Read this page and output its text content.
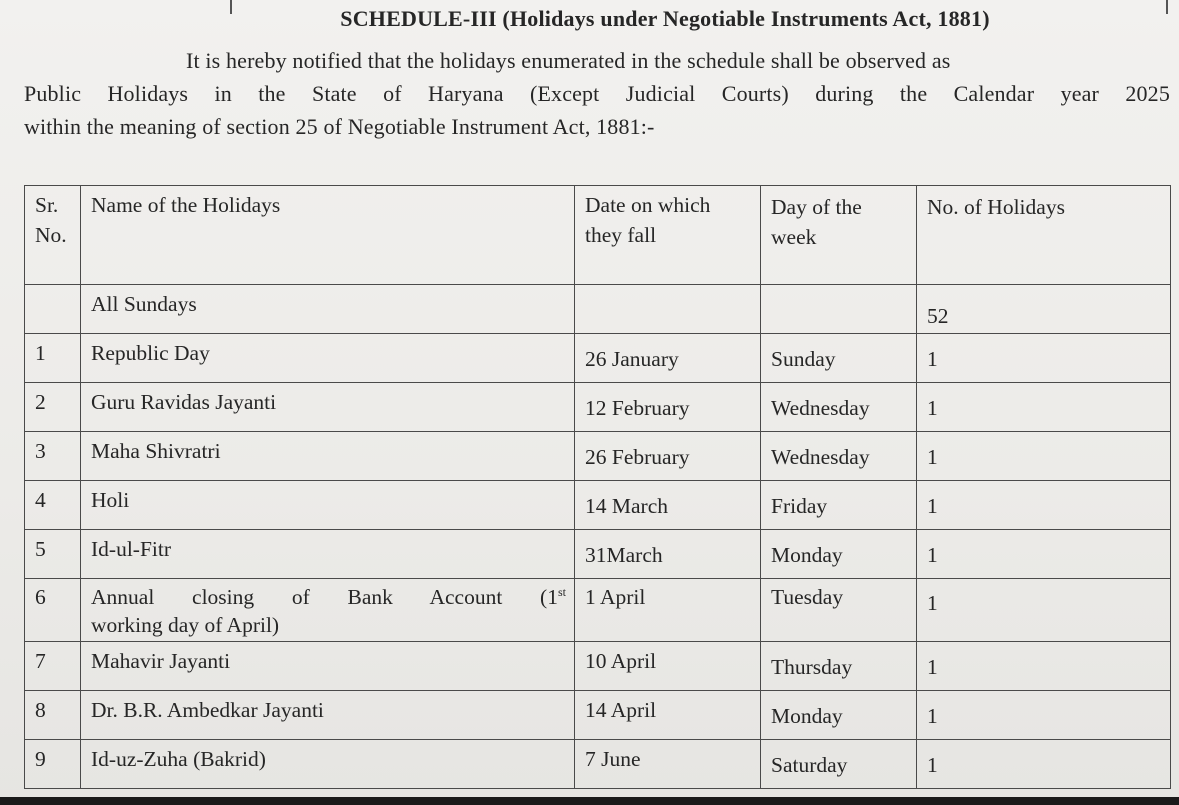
SCHEDULE-III (Holidays under Negotiable Instruments Act, 1881)
It is hereby notified that the holidays enumerated in the schedule shall be observed as
Public Holidays in the State of Haryana (Except Judicial Courts) during the Calendar year 2025
within the meaning of section 25 of Negotiable Instrument Act, 1881:-
Sr.
No.	Name of the Holidays	Date on which they fall	Day of the week	No. of Holidays
	All Sundays			52
1	Republic Day	26 January	Sunday	1
2	Guru Ravidas Jayanti	12 February	Wednesday	1
3	Maha Shivratri	26 February	Wednesday	1
4	Holi	14 March	Friday	1
5	Id-ul-Fitr	31March	Monday	1
6	Annual closing of Bank Account (1st
working day of April)	1 April	Tuesday	1
7	Mahavir Jayanti	10 April	Thursday	1
8	Dr. B.R. Ambedkar Jayanti	14 April	Monday	1
9	Id-uz-Zuha (Bakrid)	7 June	Saturday	1
